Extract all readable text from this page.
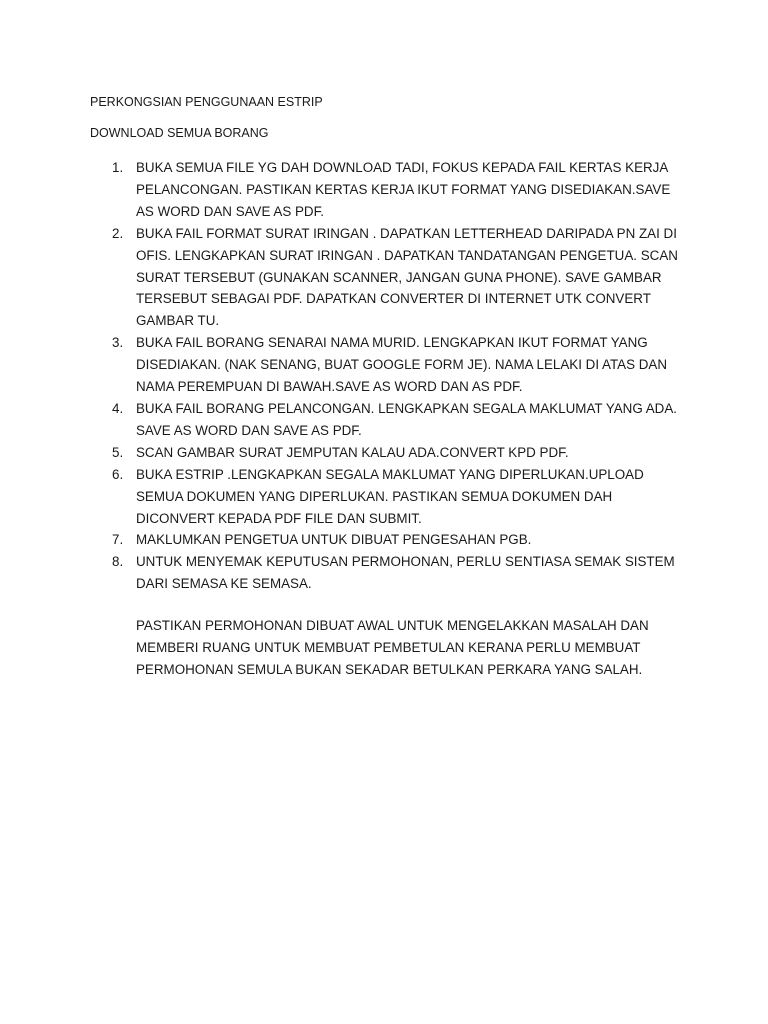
PERKONGSIAN PENGGUNAAN ESTRIP
DOWNLOAD SEMUA BORANG
1. BUKA SEMUA FILE YG DAH DOWNLOAD TADI, FOKUS KEPADA FAIL KERTAS KERJA PELANCONGAN. PASTIKAN KERTAS KERJA IKUT FORMAT YANG DISEDIAKAN.SAVE AS WORD DAN SAVE AS PDF.
2. BUKA FAIL FORMAT SURAT IRINGAN . DAPATKAN LETTERHEAD DARIPADA PN ZAI DI OFIS. LENGKAPKAN SURAT IRINGAN . DAPATKAN TANDATANGAN PENGETUA. SCAN SURAT TERSEBUT (GUNAKAN SCANNER, JANGAN GUNA PHONE). SAVE GAMBAR TERSEBUT SEBAGAI PDF. DAPATKAN CONVERTER DI INTERNET UTK CONVERT GAMBAR TU.
3. BUKA FAIL BORANG SENARAI NAMA MURID. LENGKAPKAN IKUT FORMAT YANG DISEDIAKAN. (NAK SENANG, BUAT GOOGLE FORM JE). NAMA LELAKI DI ATAS DAN NAMA PEREMPUAN DI BAWAH.SAVE AS WORD DAN AS PDF.
4. BUKA FAIL BORANG PELANCONGAN. LENGKAPKAN SEGALA MAKLUMAT YANG ADA. SAVE AS WORD DAN SAVE AS PDF.
5. SCAN GAMBAR SURAT JEMPUTAN KALAU ADA.CONVERT KPD PDF.
6. BUKA ESTRIP .LENGKAPKAN SEGALA MAKLUMAT YANG DIPERLUKAN.UPLOAD SEMUA DOKUMEN YANG DIPERLUKAN. PASTIKAN SEMUA DOKUMEN DAH DICONVERT KEPADA PDF FILE DAN SUBMIT.
7. MAKLUMKAN PENGETUA UNTUK DIBUAT PENGESAHAN PGB.
8. UNTUK MENYEMAK KEPUTUSAN PERMOHONAN, PERLU SENTIASA SEMAK SISTEM DARI SEMASA KE SEMASA.

PASTIKAN PERMOHONAN DIBUAT AWAL UNTUK MENGELAKKAN MASALAH DAN MEMBERI RUANG UNTUK MEMBUAT PEMBETULAN KERANA PERLU MEMBUAT PERMOHONAN SEMULA BUKAN SEKADAR BETULKAN PERKARA YANG SALAH.
